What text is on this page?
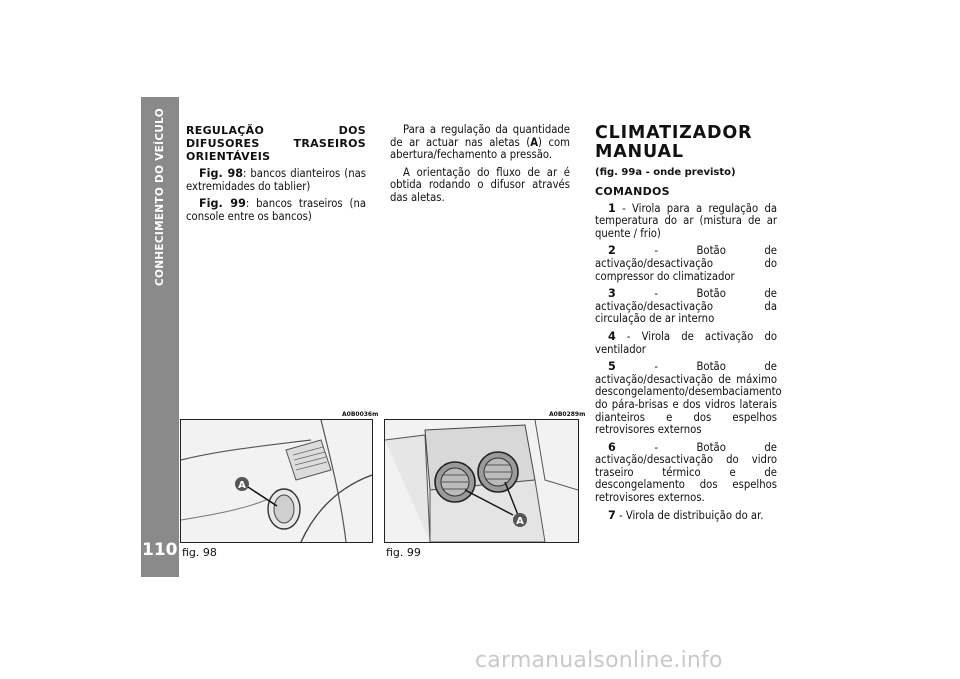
CONHECIMENTO DO VEÍCULO
110

REGULAÇÃO DOS DIFUSORES TRASEIROS ORIENTÁVEIS

Fig. 98: bancos dianteiros (nas extremidades do tablier)

Fig. 99: bancos traseiros (na console entre os bancos)

Para a regulação da quantidade de ar actuar nas aletas (A) com abertura/fechamento a pressão.

A orientação do fluxo de ar é obtida rodando o difusor através das aletas.

CLIMATIZADOR MANUAL

(fig. 99a - onde previsto)

COMANDOS

1 - Virola para a regulação da temperatura do ar (mistura de ar quente / frio)

2 - Botão de activação/desactivação do compressor do climatizador

3 - Botão de activação/desactivação da circulação de ar interno

4 - Virola de activação do ventilador

5 - Botão de activação/desactivação de máximo descongelamento/desembaciamento do pára-brisas e dos vidros laterais dianteiros e dos espelhos retrovisores externos

6 - Botão de activação/desactivação do vidro traseiro térmico e de descongelamento dos espelhos retrovisores externos.

7 - Virola de distribuição do ar.

A0B0036m
A
fig. 98
A0B0289m
A
fig. 99
carmanualsonline.info
